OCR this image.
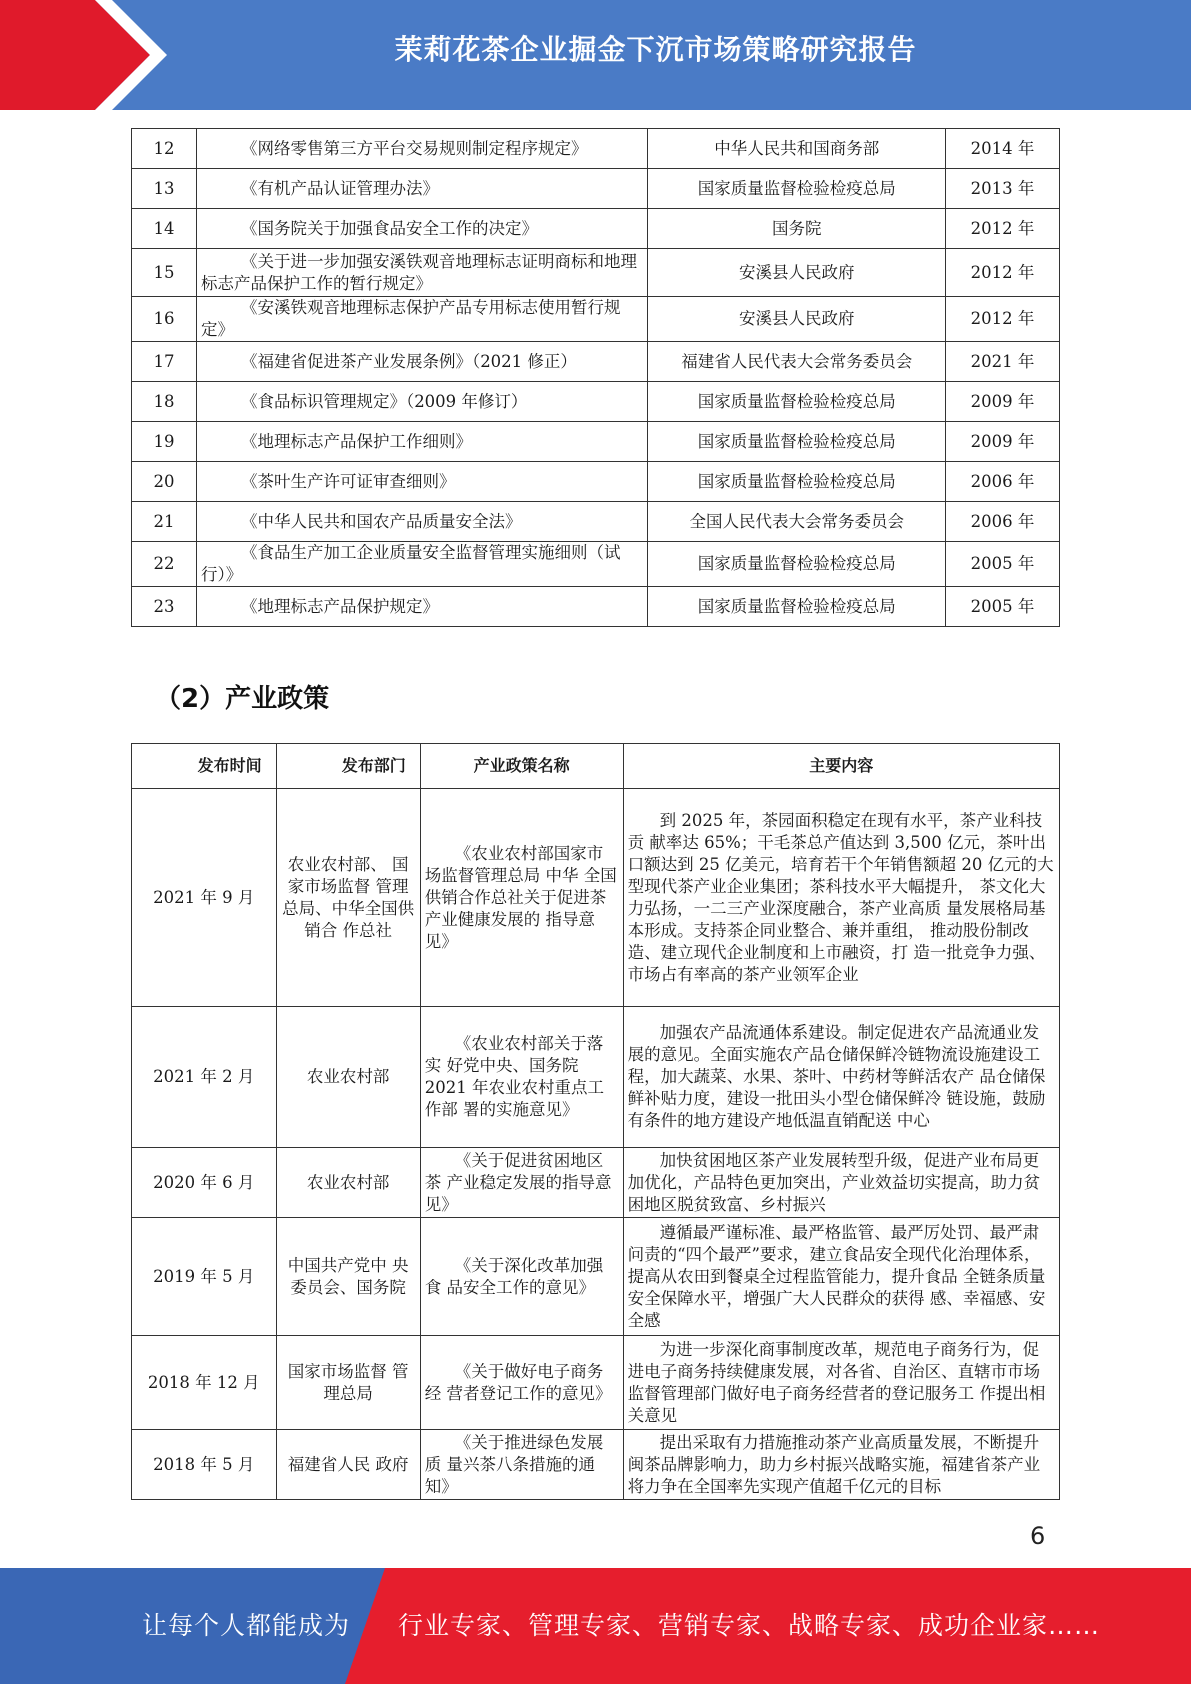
茉莉花茶企业掘金下沉市场策略研究报告
12	《网络零售第三方平台交易规则制定程序规定》	中华人民共和国商务部	2014 年
13	《有机产品认证管理办法》	国家质量监督检验检疫总局	2013 年
14	《国务院关于加强食品安全工作的决定》	国务院	2012 年
15	《关于进一步加强安溪铁观音地理标志证明商标和地理 标志产品保护工作的暂行规定》	安溪县人民政府	2012 年
16	《安溪铁观音地理标志保护产品专用标志使用暂行规定》	安溪县人民政府	2012 年
17	《福建省促进茶产业发展条例》（2021 修正）	福建省人民代表大会常务委员会	2021 年
18	《食品标识管理规定》（2009 年修订）	国家质量监督检验检疫总局	2009 年
19	《地理标志产品保护工作细则》	国家质量监督检验检疫总局	2009 年
20	《茶叶生产许可证审查细则》	国家质量监督检验检疫总局	2006 年
21	《中华人民共和国农产品质量安全法》	全国人民代表大会常务委员会	2006 年
22	《食品生产加工企业质量安全监督管理实施细则（试行）》	国家质量监督检验检疫总局	2005 年
23	《地理标志产品保护规定》	国家质量监督检验检疫总局	2005 年
（2）产业政策
发布时间	发布部门	产业政策名称	主要内容
2021 年 9 月	农业农村部、 国家市场监督 管理总局、中华全国供销合 作总社	《农业农村部国家市场监督管理总局 中华 全国供销合作总社关于促进茶产业健康发展的 指导意见》	到 2025 年，茶园面积稳定在现有水平，茶产业科技贡 献率达 65%；干毛茶总产值达到 3,500 亿元，茶叶出口额达到 25 亿美元，培育若干个年销售额超 20 亿元的大型现代茶产业企业集团；茶科技水平大幅提升， 茶文化大力弘扬，一二三产业深度融合，茶产业高质 量发展格局基本形成。支持茶企同业整合、兼并重组， 推动股份制改造、建立现代企业制度和上市融资，打 造一批竞争力强、市场占有率高的茶产业领军企业
2021 年 2 月	农业农村部	《农业农村部关于落实 好党中央、国务院 2021 年农业农村重点工作部 署的实施意见》	加强农产品流通体系建设。制定促进农产品流通业发 展的意见。全面实施农产品仓储保鲜冷链物流设施建设工程，加大蔬菜、水果、茶叶、中药材等鲜活农产 品仓储保鲜补贴力度，建设一批田头小型仓储保鲜冷 链设施，鼓励有条件的地方建设产地低温直销配送 中心
2020 年 6 月	农业农村部	《关于促进贫困地区茶 产业稳定发展的指导意 见》	加快贫困地区茶产业发展转型升级，促进产业布局更 加优化，产品特色更加突出，产业效益切实提高，助力贫困地区脱贫致富、乡村振兴
2019 年 5 月	中国共产党中 央委员会、国务院	《关于深化改革加强食 品安全工作的意见》	遵循最严谨标准、最严格监管、最严厉处罚、最严肃 问责的“四个最严”要求，建立食品安全现代化治理体系，提高从农田到餐桌全过程监管能力，提升食品 全链条质量安全保障水平，增强广大人民群众的获得 感、幸福感、安全感
2018 年 12 月	国家市场监督 管理总局	《关于做好电子商务经 营者登记工作的意见》	为进一步深化商事制度改革，规范电子商务行为，促 进电子商务持续健康发展，对各省、自治区、直辖市市场监督管理部门做好电子商务经营者的登记服务工 作提出相关意见
2018 年 5 月	福建省人民 政府	《关于推进绿色发展质 量兴茶八条措施的通知》	提出采取有力措施推动茶产业高质量发展，不断提升 闽茶品牌影响力，助力乡村振兴战略实施，福建省茶产业将力争在全国率先实现产值超千亿元的目标
6
让每个人都能成为 行业专家、管理专家、营销专家、战略专家、成功企业家……
